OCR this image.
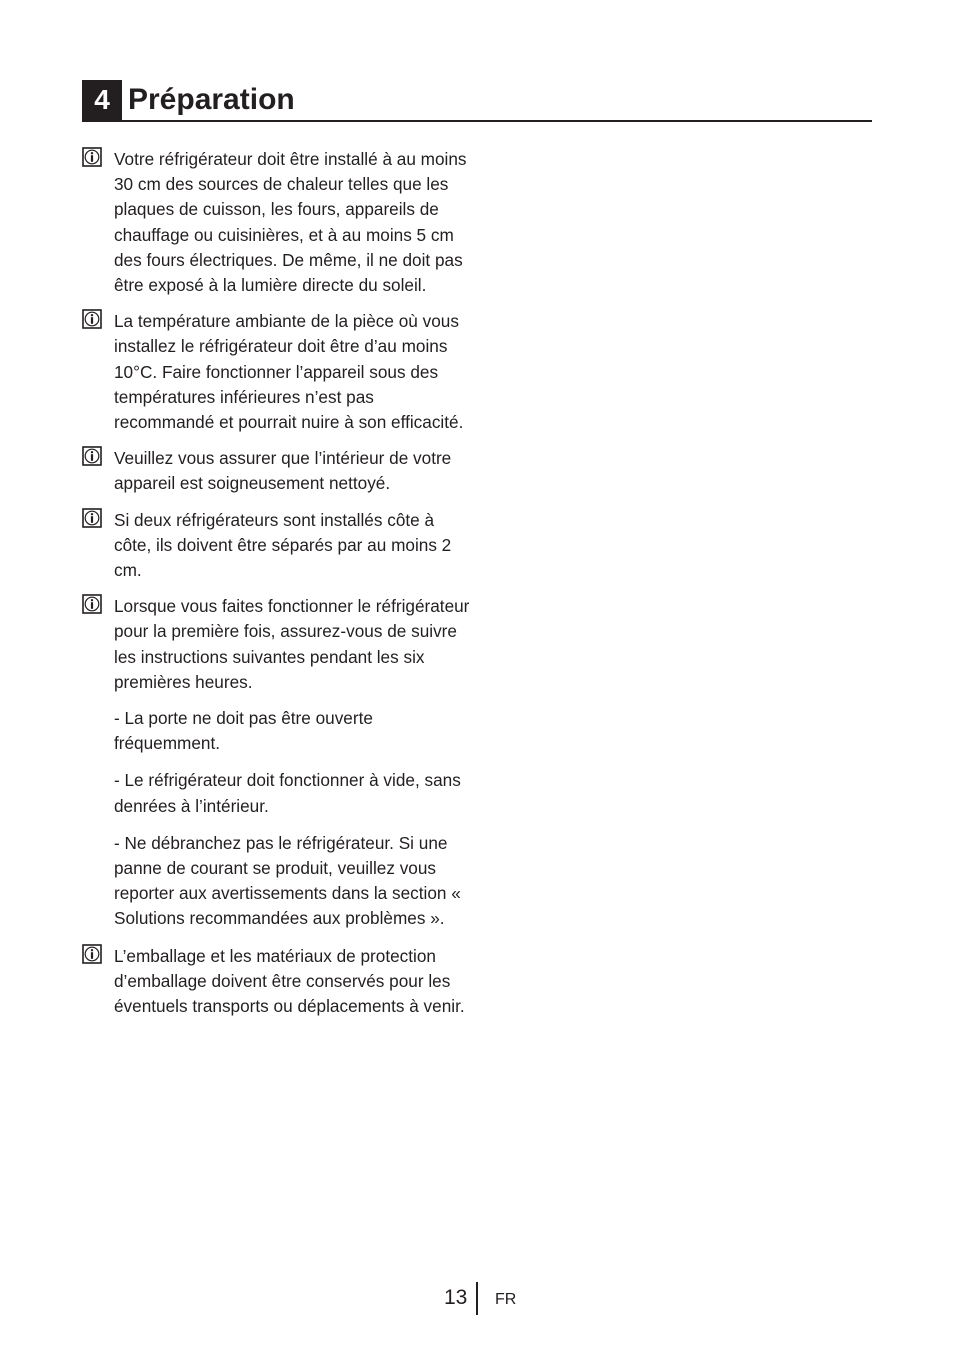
4 Préparation

Votre réfrigérateur doit être installé à au moins 30 cm des sources de chaleur telles que les plaques de cuisson, les fours, appareils de chauffage ou cuisinières, et à au moins 5 cm des fours électriques. De même, il ne doit pas être exposé à la lumière directe du soleil.

La température ambiante de la pièce où vous installez le réfrigérateur doit être d’au moins 10°C. Faire fonctionner l’appareil sous des températures inférieures n’est pas recommandé et pourrait nuire à son efficacité.

Veuillez vous assurer que l’intérieur de votre appareil est soigneusement nettoyé.

Si deux réfrigérateurs sont installés côte à côte, ils doivent être séparés par au moins 2 cm.

Lorsque vous faites fonctionner le réfrigérateur pour la première fois, assurez-vous de suivre les instructions suivantes pendant les six premières heures.

- La porte ne doit pas être ouverte fréquemment.

- Le réfrigérateur doit fonctionner à vide, sans denrées à l’intérieur.

- Ne débranchez pas le réfrigérateur. Si une panne de courant se produit, veuillez vous reporter aux avertissements dans la section « Solutions recommandées aux problèmes ».

L’emballage et les matériaux de protection d’emballage doivent être conservés pour les éventuels transports ou déplacements à venir.

13 FR
